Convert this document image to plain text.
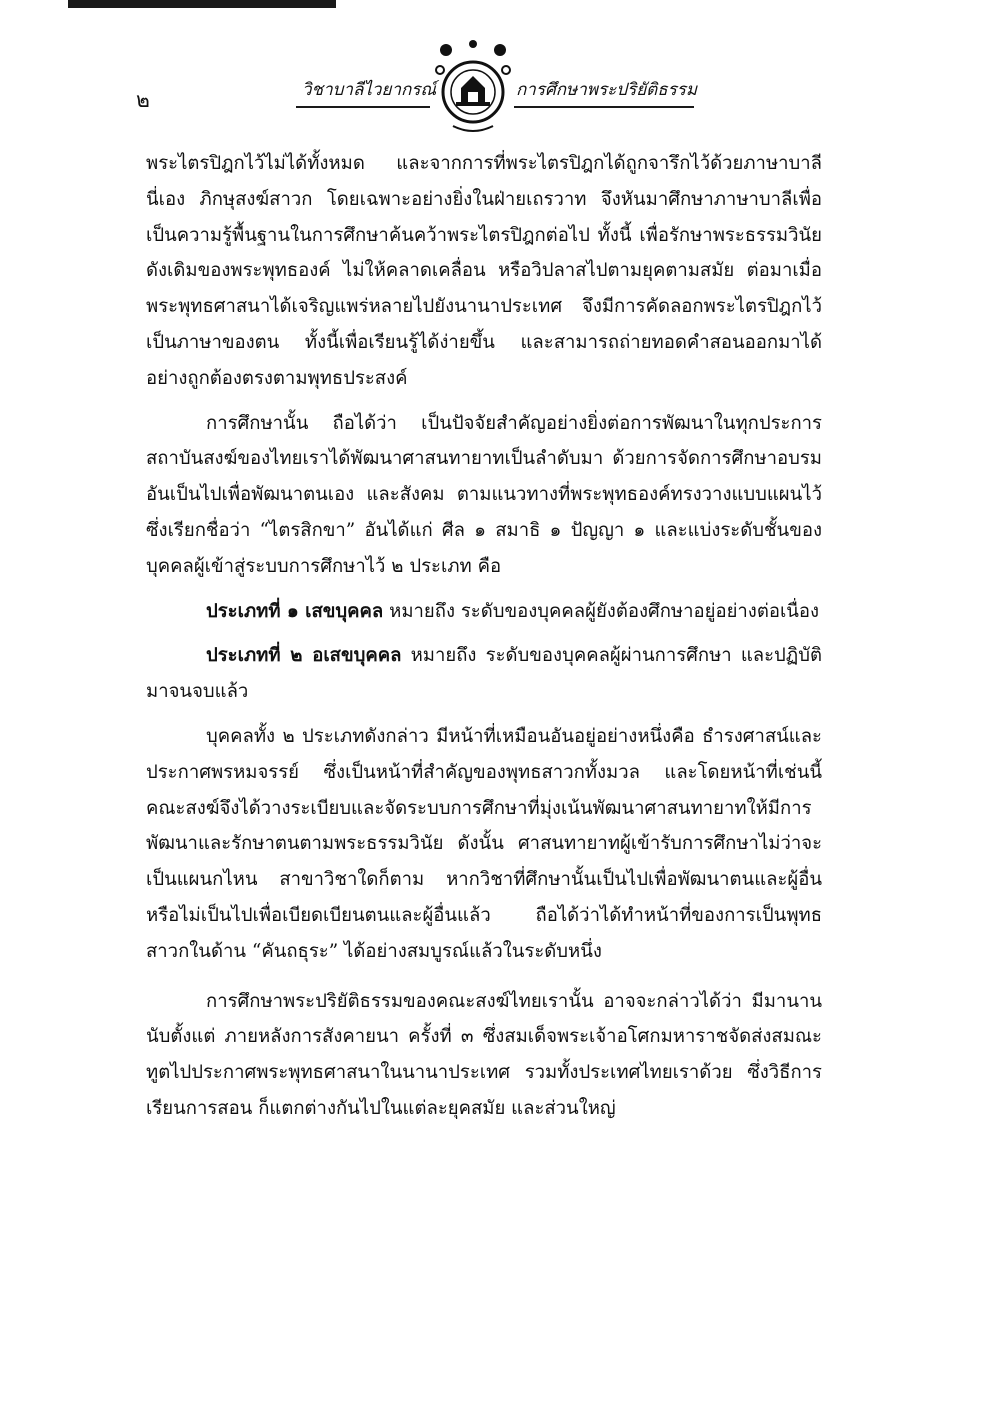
๒	วิชาบาลีไวยากรณ์	การศึกษาพระปริยัติธรรม

พระไตรปิฎกไว้ไม่ได้ทั้งหมด และจากการที่พระไตรปิฎกได้ถูกจารึกไว้ด้วยภาษาบาลีนี่เอง ภิกษุสงฆ์สาวก โดยเฉพาะอย่างยิ่งในฝ่ายเถรวาท จึงหันมาศึกษาภาษาบาลีเพื่อเป็นความรู้พื้นฐานในการศึกษาค้นคว้าพระไตรปิฎกต่อไป ทั้งนี้ เพื่อรักษาพระธรรมวินัยดังเดิมของพระพุทธองค์ ไม่ให้คลาดเคลื่อน หรือวิปลาสไปตามยุคตามสมัย ต่อมาเมื่อพระพุทธศาสนาได้เจริญแพร่หลายไปยังนานาประเทศ จึงมีการคัดลอกพระไตรปิฎกไว้เป็นภาษาของตน ทั้งนี้เพื่อเรียนรู้ได้ง่ายขึ้น และสามารถถ่ายทอดคำสอนออกมาได้อย่างถูกต้องตรงตามพุทธประสงค์

การศึกษานั้น ถือได้ว่า เป็นปัจจัยสำคัญอย่างยิ่งต่อการพัฒนาในทุกประการ สถาบันสงฆ์ของไทยเราได้พัฒนาศาสนทายาทเป็นลำดับมา ด้วยการจัดการศึกษาอบรมอันเป็นไปเพื่อพัฒนาตนเอง และสังคม ตามแนวทางที่พระพุทธองค์ทรงวางแบบแผนไว้ ซึ่งเรียกชื่อว่า “ไตรสิกขา” อันได้แก่ ศีล ๑ สมาธิ ๑ ปัญญา ๑ และแบ่งระดับชั้นของบุคคลผู้เข้าสู่ระบบการศึกษาไว้ ๒ ประเภท คือ

ประเภทที่ ๑ เสขบุคคล หมายถึง ระดับของบุคคลผู้ยังต้องศึกษาอยู่อย่างต่อเนื่อง

ประเภทที่ ๒ อเสขบุคคล หมายถึง ระดับของบุคคลผู้ผ่านการศึกษา และปฏิบัติมาจนจบแล้ว

บุคคลทั้ง ๒ ประเภทดังกล่าว มีหน้าที่เหมือนอันอยู่อย่างหนึ่งคือ ธำรงศาสน์และประกาศพรหมจรรย์ ซึ่งเป็นหน้าที่สำคัญของพุทธสาวกทั้งมวล และโดยหน้าที่เช่นนี้ คณะสงฆ์จึงได้วางระเบียบและจัดระบบการศึกษาที่มุ่งเน้นพัฒนาศาสนทายาทให้มีการพัฒนาและรักษาตนตามพระธรรมวินัย ดังนั้น ศาสนทายาทผู้เข้ารับการศึกษาไม่ว่าจะเป็นแผนกไหน สาขาวิชาใดก็ตาม หากวิชาที่ศึกษานั้นเป็นไปเพื่อพัฒนาตนและผู้อื่น หรือไม่เป็นไปเพื่อเบียดเบียนตนและผู้อื่นแล้ว ถือได้ว่าได้ทำหน้าที่ของการเป็นพุทธสาวกในด้าน “คันถธุระ” ได้อย่างสมบูรณ์แล้วในระดับหนึ่ง

การศึกษาพระปริยัติธรรมของคณะสงฆ์ไทยเรานั้น อาจจะกล่าวได้ว่า มีมานานนับตั้งแต่ ภายหลังการสังคายนา ครั้งที่ ๓ ซึ่งสมเด็จพระเจ้าอโศกมหาราชจัดส่งสมณะทูตไปประกาศพระพุทธศาสนาในนานาประเทศ รวมทั้งประเทศไทยเราด้วย ซึ่งวิธีการเรียนการสอน ก็แตกต่างกันไปในแต่ละยุคสมัย และส่วนใหญ่
